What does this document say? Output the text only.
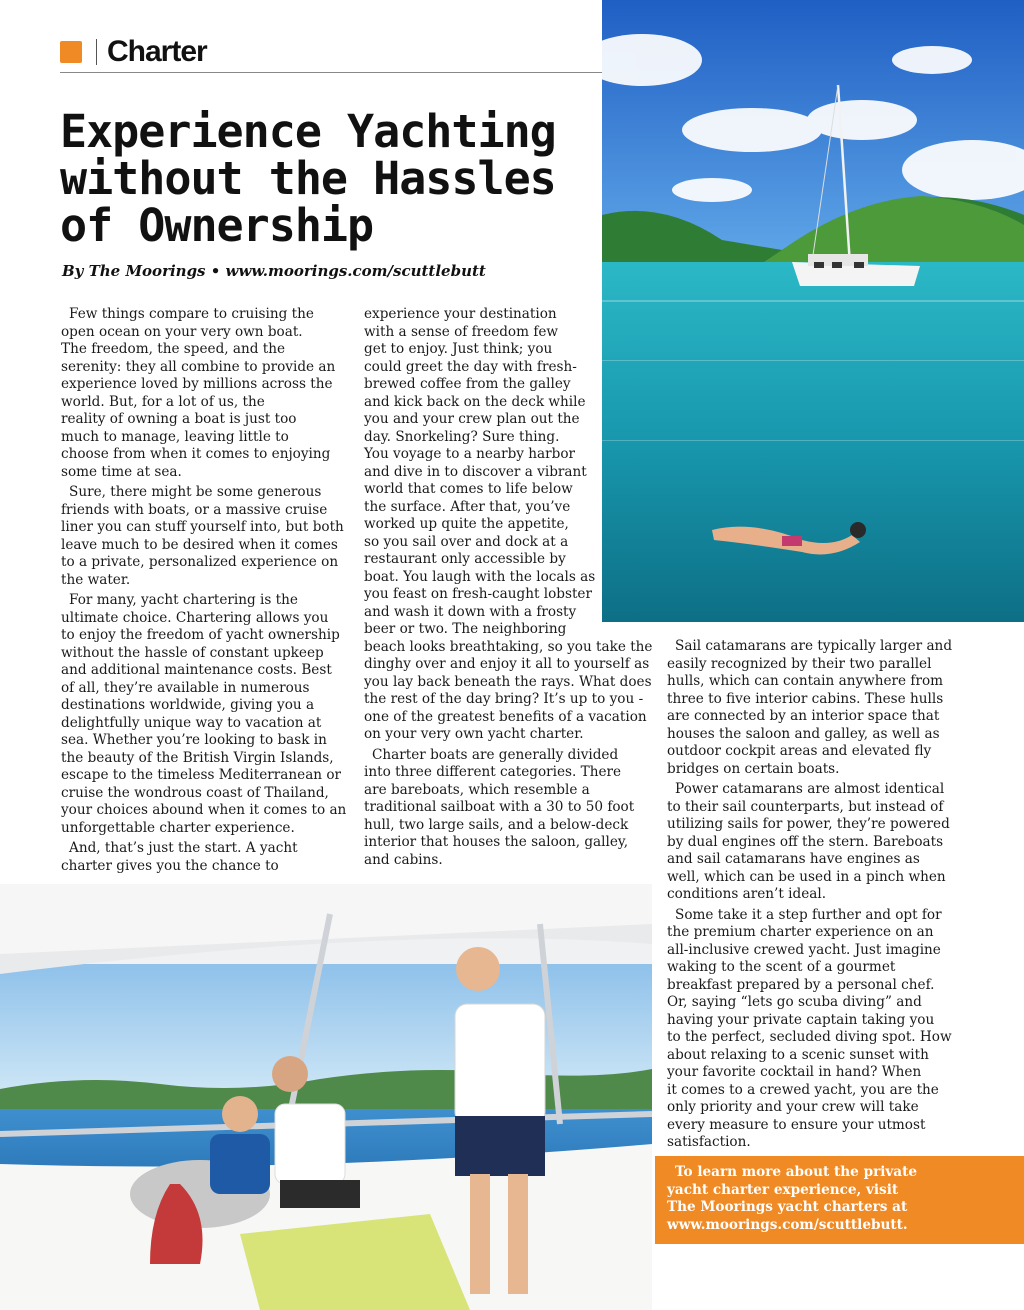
Charter
Experience Yachting
without the Hassles
of Ownership

By The Moorings • www.moorings.com/scuttlebutt

Few things compare to cruising the
open ocean on your very own boat.
The freedom, the speed, and the
serenity: they all combine to provide an
experience loved by millions across the
world. But, for a lot of us, the
reality of owning a boat is just too
much to manage, leaving little to
choose from when it comes to enjoying
some time at sea.

Sure, there might be some generous
friends with boats, or a massive cruise
liner you can stuff yourself into, but both
leave much to be desired when it comes
to a private, personalized experience on
the water.

For many, yacht chartering is the
ultimate choice. Chartering allows you
to enjoy the freedom of yacht ownership
without the hassle of constant upkeep
and additional maintenance costs. Best
of all, they’re available in numerous
destinations worldwide, giving you a
delightfully unique way to vacation at
sea. Whether you’re looking to bask in
the beauty of the British Virgin Islands,
escape to the timeless Mediterranean or
cruise the wondrous coast of Thailand,
your choices abound when it comes to an
unforgettable charter experience.

And, that’s just the start. A yacht
charter gives you the chance to

experience your destination
with a sense of freedom few
get to enjoy. Just think; you
could greet the day with fresh-
brewed coffee from the galley
and kick back on the deck while
you and your crew plan out the
day. Snorkeling? Sure thing.
You voyage to a nearby harbor
and dive in to discover a vibrant
world that comes to life below
the surface. After that, you’ve
worked up quite the appetite,
so you sail over and dock at a
restaurant only accessible by
boat. You laugh with the locals as
you feast on fresh-caught lobster
and wash it down with a frosty
beer or two. The neighboring
beach looks breathtaking, so you take the
dinghy over and enjoy it all to yourself as
you lay back beneath the rays. What does
the rest of the day bring? It’s up to you -
one of the greatest benefits of a vacation
on your very own yacht charter.

Charter boats are generally divided
into three different categories. There
are bareboats, which resemble a
traditional sailboat with a 30 to 50 foot
hull, two large sails, and a below-deck
interior that houses the saloon, galley,
and cabins.

Sail catamarans are typically larger and
easily recognized by their two parallel
hulls, which can contain anywhere from
three to five interior cabins. These hulls
are connected by an interior space that
houses the saloon and galley, as well as
outdoor cockpit areas and elevated fly
bridges on certain boats.

Power catamarans are almost identical
to their sail counterparts, but instead of
utilizing sails for power, they’re powered
by dual engines off the stern. Bareboats
and sail catamarans have engines as
well, which can be used in a pinch when
conditions aren’t ideal.

Some take it a step further and opt for
the premium charter experience on an
all-inclusive crewed yacht. Just imagine
waking to the scent of a gourmet
breakfast prepared by a personal chef.
Or, saying “lets go scuba diving” and
having your private captain taking you
to the perfect, secluded diving spot. How
about relaxing to a scenic sunset with
your favorite cocktail in hand? When
it comes to a crewed yacht, you are the
only priority and your crew will take
every measure to ensure your utmost
satisfaction.

To learn more about the private
yacht charter experience, visit
The Moorings yacht charters at
www.moorings.com/scuttlebutt.
